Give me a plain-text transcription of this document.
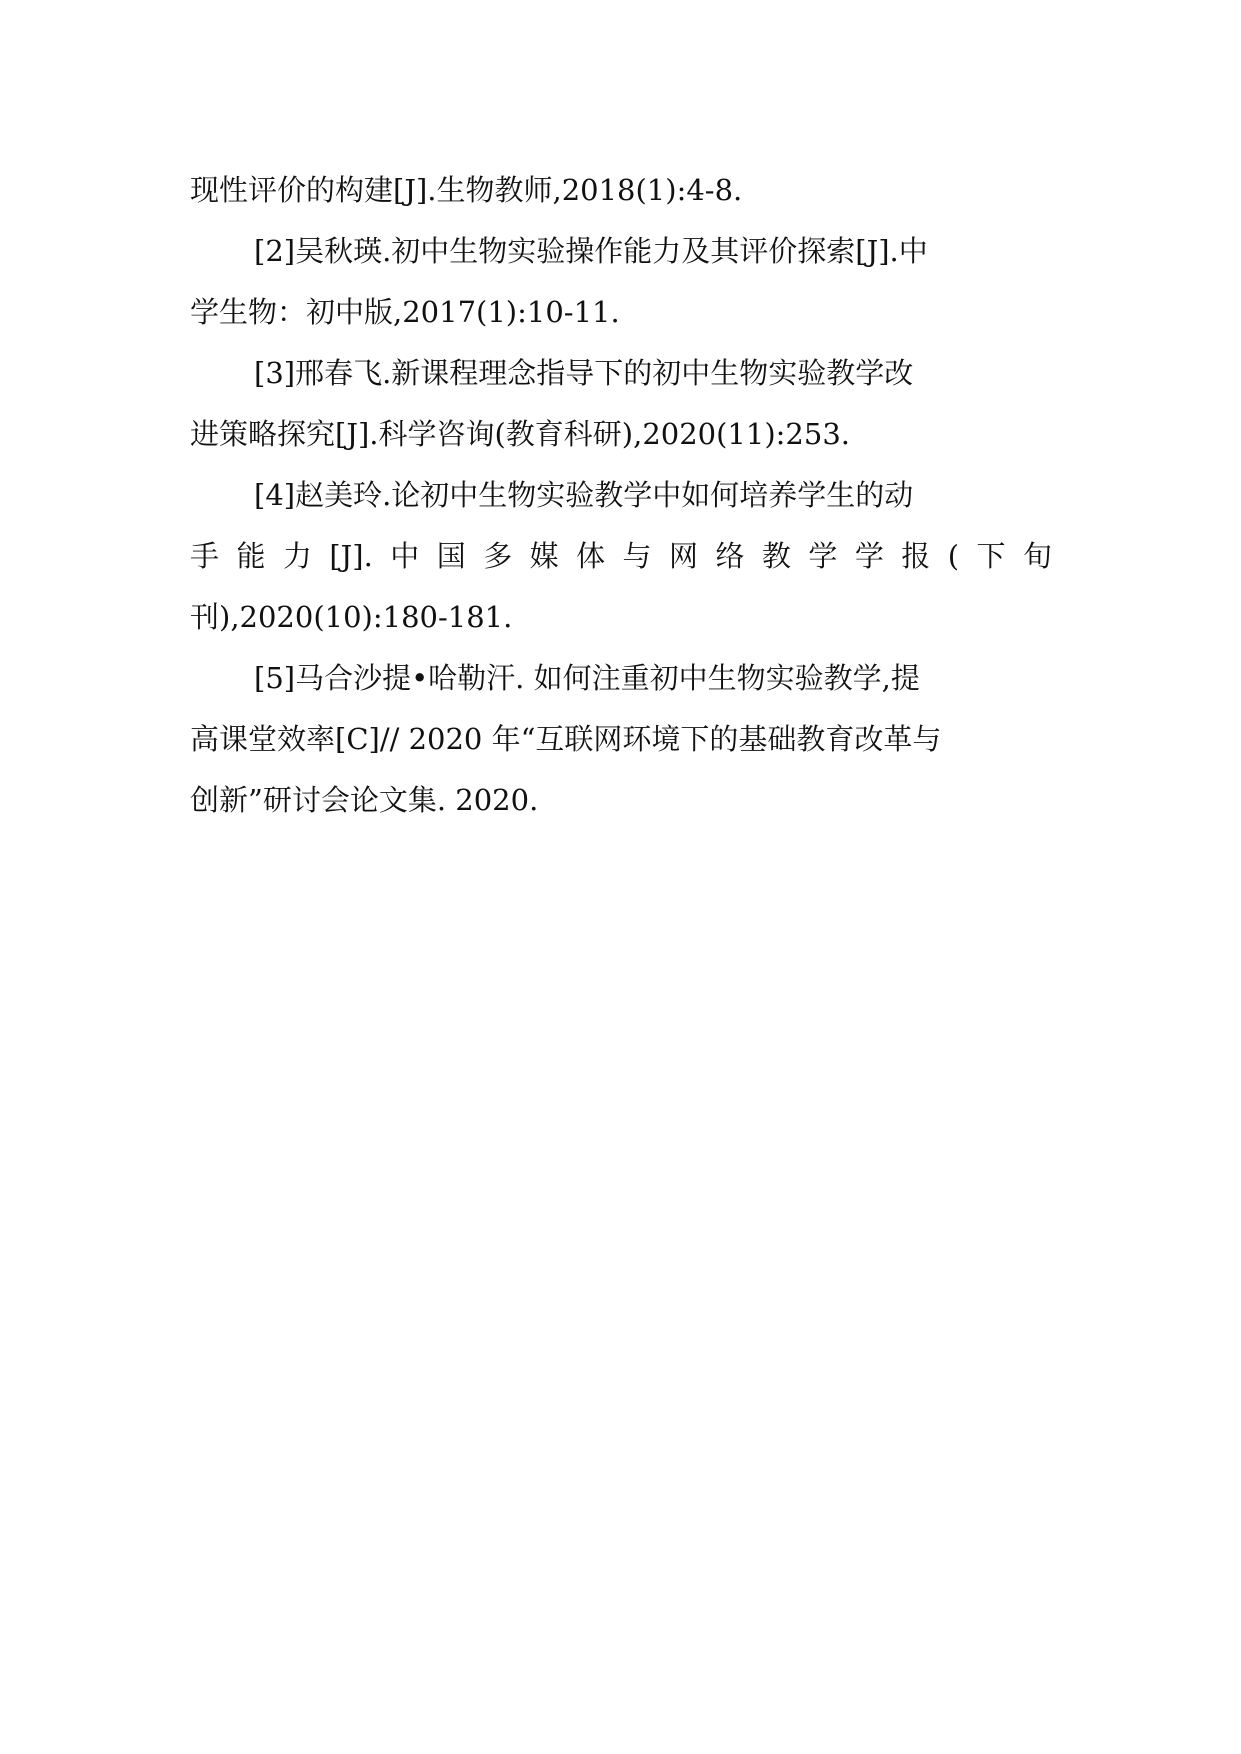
现性评价的构建[J].生物教师,2018(1):4-8.
[2]吴秋瑛.初中生物实验操作能力及其评价探索[J].中
学生物：初中版,2017(1):10-11.
[3]邢春飞.新课程理念指导下的初中生物实验教学改
进策略探究[J].科学咨询(教育科研),2020(11):253.
[4]赵美玲.论初中生物实验教学中如何培养学生的动
手 能 力 [J]. 中 国 多 媒 体 与 网 络 教 学 学 报 ( 下 旬
刊),2020(10):180-181.
[5]马合沙提•哈勒汗. 如何注重初中生物实验教学,提
高课堂效率[C]// 2020 年“互联网环境下的基础教育改革与
创新”研讨会论文集. 2020.
